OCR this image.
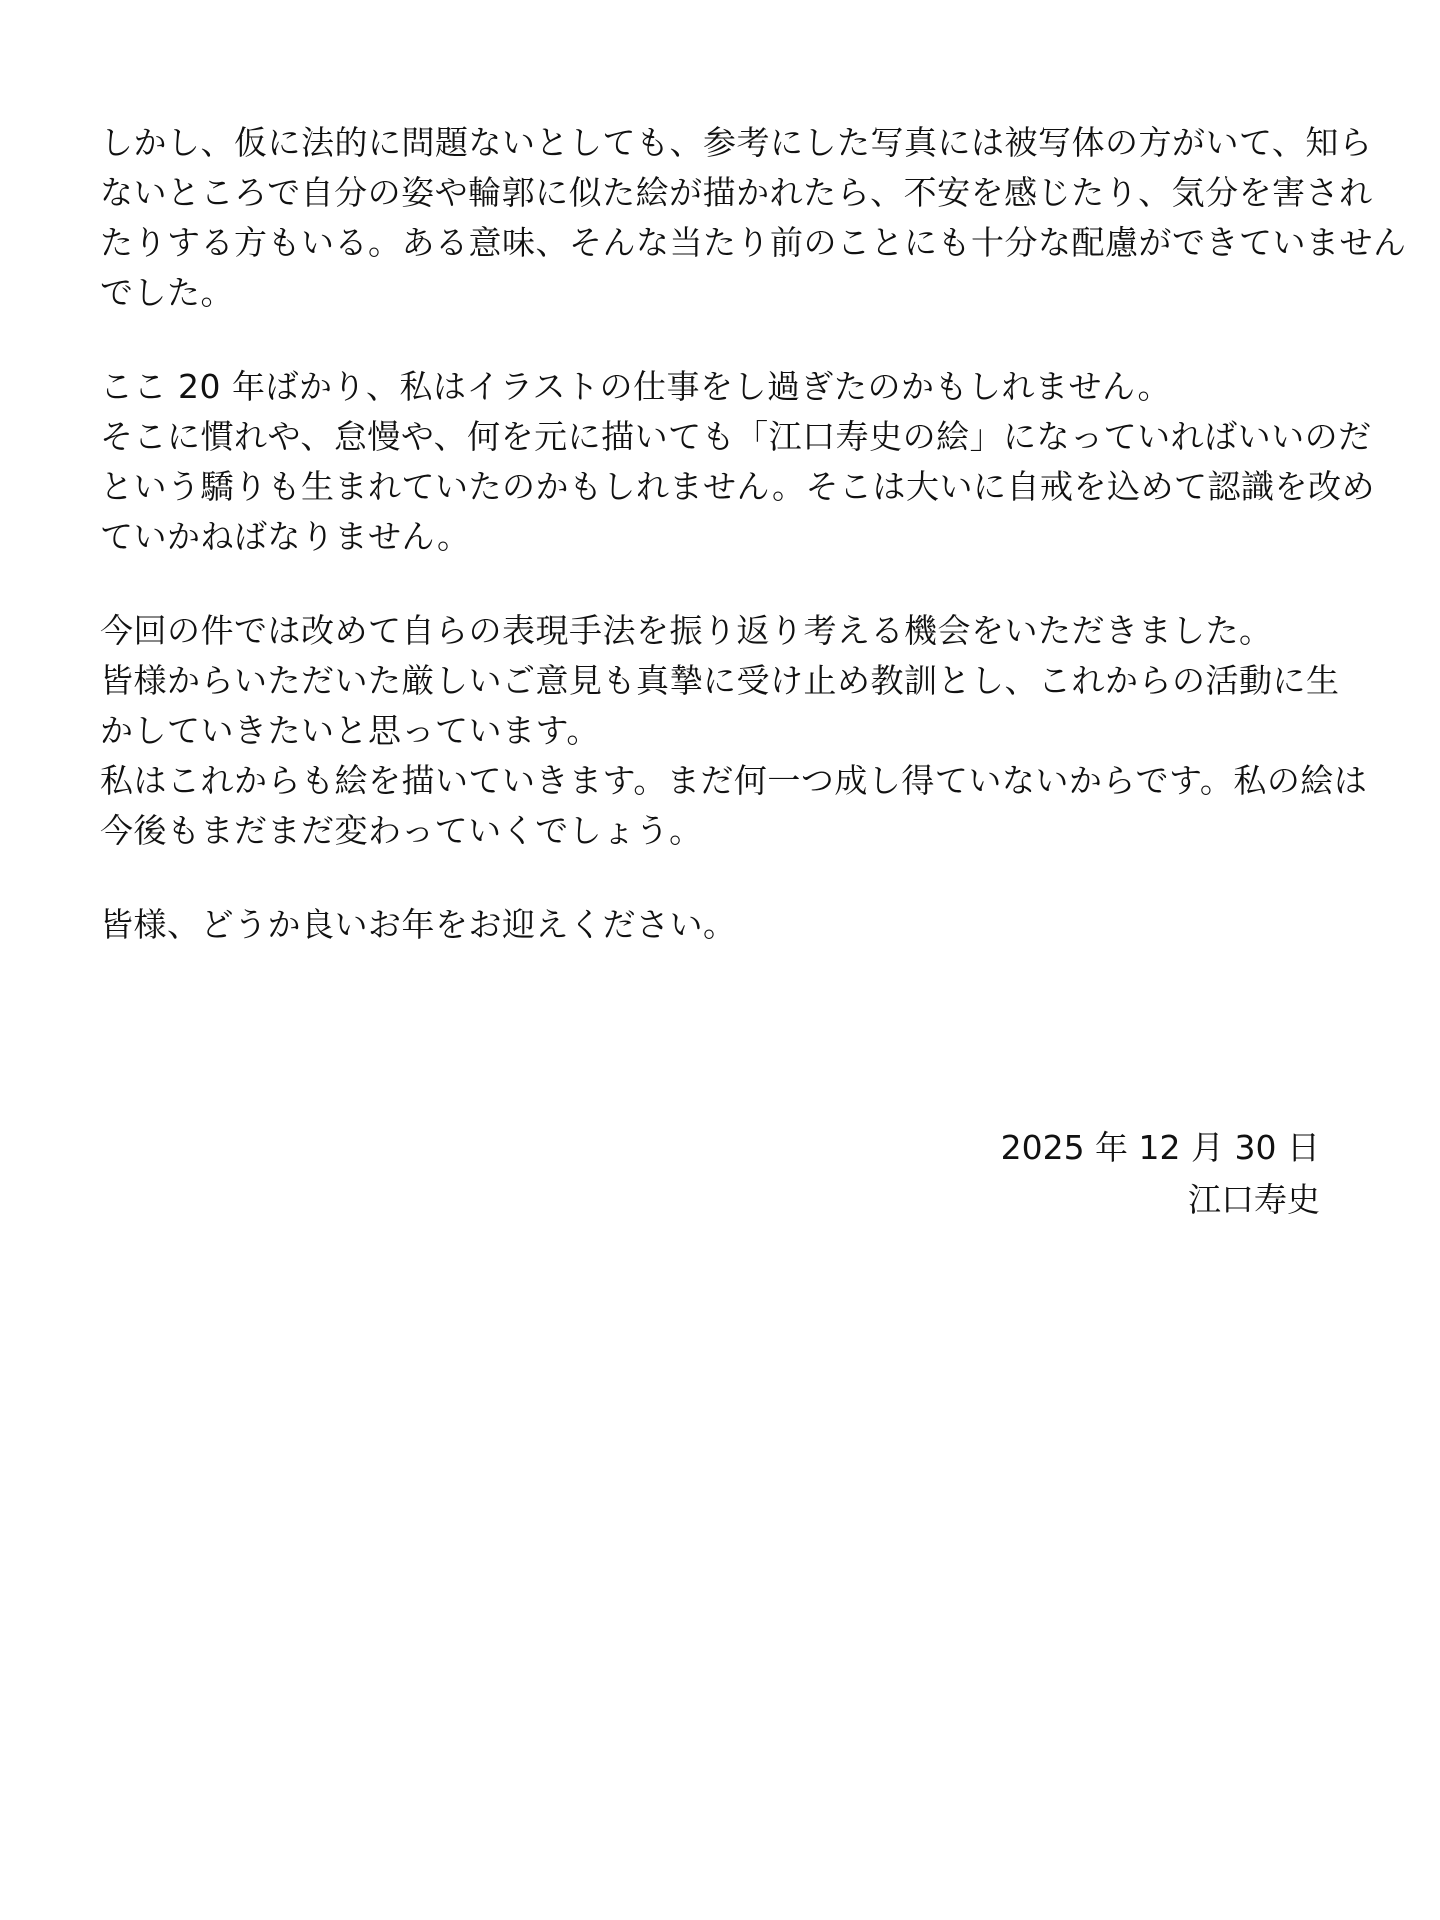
しかし、仮に法的に問題ないとしても、参考にした写真には被写体の方がいて、知ら
ないところで自分の姿や輪郭に似た絵が描かれたら、不安を感じたり、気分を害され
たりする方もいる。ある意味、そんな当たり前のことにも十分な配慮ができていません
でした。
ここ 20 年ばかり、私はイラストの仕事をし過ぎたのかもしれません。
そこに慣れや、怠慢や、何を元に描いても「江口寿史の絵」になっていればいいのだ
という驕りも生まれていたのかもしれません。そこは大いに自戒を込めて認識を改め
ていかねばなりません。
今回の件では改めて自らの表現手法を振り返り考える機会をいただきました。
皆様からいただいた厳しいご意見も真摯に受け止め教訓とし、これからの活動に生
かしていきたいと思っています。
私はこれからも絵を描いていきます。まだ何一つ成し得ていないからです。私の絵は
今後もまだまだ変わっていくでしょう。
皆様、どうか良いお年をお迎えください。
2025 年 12 月 30 日
江口寿史
